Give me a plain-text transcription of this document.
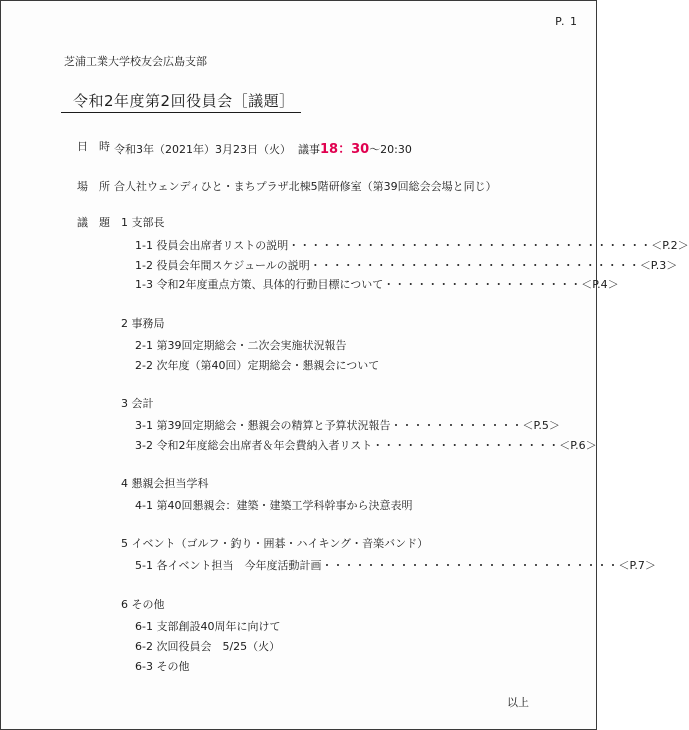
P. 1
芝浦工業大学校友会広島支部
令和2年度第2回役員会［議題］
日　時 令和3年（2021年）3月23日（火） 議事18：30～20:30
場　所 合人社ウェンディひと・まちプラザ北棟5階研修室（第39回総会会場と同じ）
議　題 1 支部長
1-1 役員会出席者リストの説明・・・・・・・・・・・・・・・・・・・・・・・・・・・・・・・・・＜P.2＞
1-2 役員会年間スケジュールの説明・・・・・・・・・・・・・・・・・・・・・・・・・・・・・・＜P.3＞
1-3 令和2年度重点方策、具体的行動目標について・・・・・・・・・・・・・・・・・・＜P.4＞
2 事務局
2-1 第39回定期総会・二次会実施状況報告
2-2 次年度（第40回）定期総会・懇親会について
3 会計
3-1 第39回定期総会・懇親会の精算と予算状況報告・・・・・・・・・・・・＜P.5＞
3-2 令和2年度総会出席者＆年会費納入者リスト・・・・・・・・・・・・・・・・・＜P.6＞
4 懇親会担当学科
4-1 第40回懇親会：建築・建築工学科幹事から決意表明
5 イベント（ゴルフ・釣り・囲碁・ハイキング・音楽バンド）
5-1 各イベント担当　今年度活動計画・・・・・・・・・・・・・・・・・・・・・・・・・・・＜P.7＞
6 その他
6-1 支部創設40周年に向けて
6-2 次回役員会　5/25（火）
6-3 その他
以上
